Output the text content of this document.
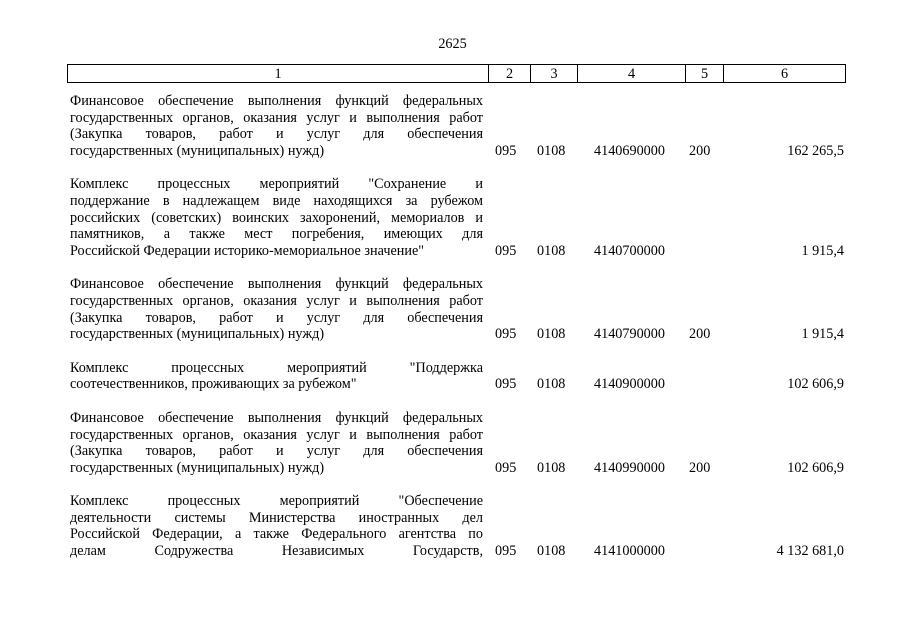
2625
1	2	3	4	5	6
Финансовое обеспечение выполнения функций федеральных
государственных органов, оказания услуг и выполнения работ
(Закупка товаров, работ и услуг для обеспечения
государственных (муниципальных) нужд)	095 0108 4140690000 200	162 265,5
Комплекс процессных мероприятий "Сохранение и
поддержание в надлежащем виде находящихся за рубежом
российских (советских) воинских захоронений, мемориалов и
памятников, а также мест погребения, имеющих для
Российской Федерации историко-мемориальное значение"	095 0108 4140700000	1 915,4
Финансовое обеспечение выполнения функций федеральных
государственных органов, оказания услуг и выполнения работ
(Закупка товаров, работ и услуг для обеспечения
государственных (муниципальных) нужд)	095 0108 4140790000 200	1 915,4
Комплекс процессных мероприятий "Поддержка
соотечественников, проживающих за рубежом"	095 0108 4140900000	102 606,9
Финансовое обеспечение выполнения функций федеральных
государственных органов, оказания услуг и выполнения работ
(Закупка товаров, работ и услуг для обеспечения
государственных (муниципальных) нужд)	095 0108 4140990000 200	102 606,9
Комплекс процессных мероприятий "Обеспечение
деятельности системы Министерства иностранных дел
Российской Федерации, а также Федерального агентства по
делам Содружества Независимых Государств, 095 0108 4141000000	4 132 681,0
